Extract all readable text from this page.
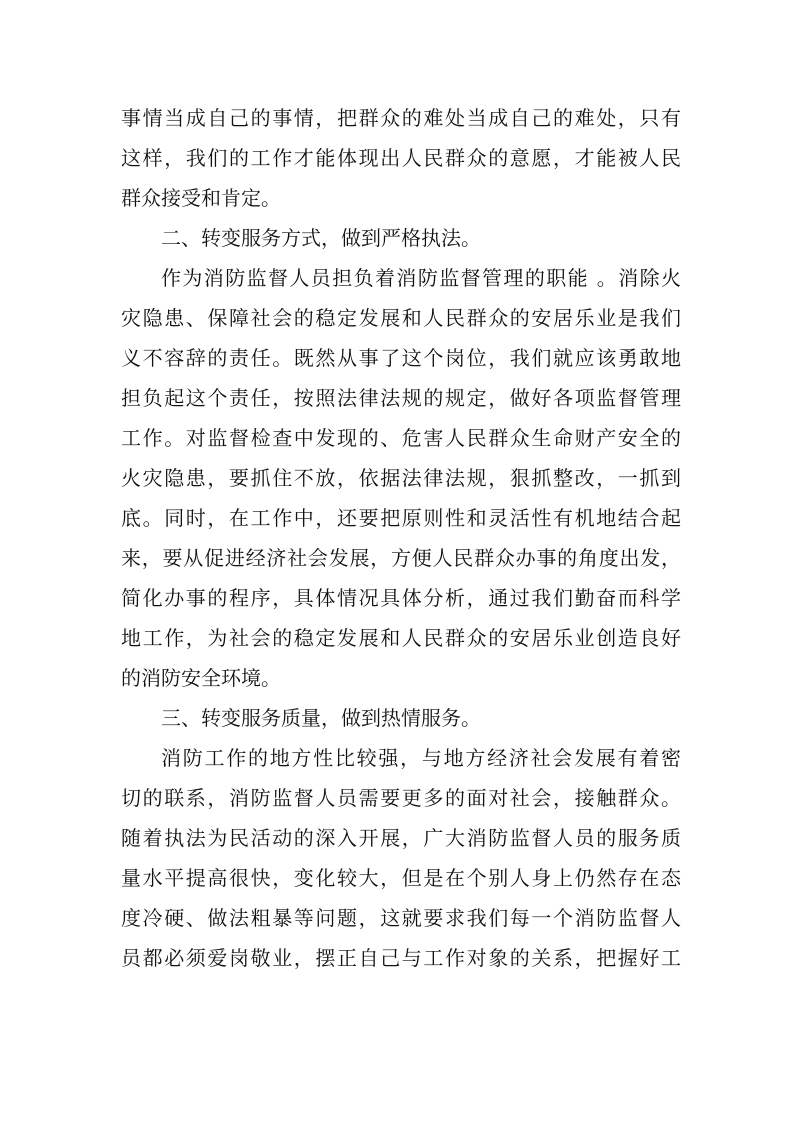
事情当成自己的事情，把群众的难处当成自己的难处，只有
这样，我们的工作才能体现出人民群众的意愿，才能被人民
群众接受和肯定。
二、转变服务方式，做到严格执法。
作为消防监督人员担负着消防监督管理的职能 。消除火
灾隐患、保障社会的稳定发展和人民群众的安居乐业是我们
义不容辞的责任。既然从事了这个岗位，我们就应该勇敢地
担负起这个责任，按照法律法规的规定，做好各项监督管理
工作。对监督检查中发现的、危害人民群众生命财产安全的
火灾隐患，要抓住不放，依据法律法规，狠抓整改，一抓到
底。同时，在工作中，还要把原则性和灵活性有机地结合起
来，要从促进经济社会发展，方便人民群众办事的角度出发，
简化办事的程序，具体情况具体分析，通过我们勤奋而科学
地工作，为社会的稳定发展和人民群众的安居乐业创造良好
的消防安全环境。
三、转变服务质量，做到热情服务。
消防工作的地方性比较强，与地方经济社会发展有着密
切的联系，消防监督人员需要更多的面对社会，接触群众。
随着执法为民活动的深入开展，广大消防监督人员的服务质
量水平提高很快，变化较大，但是在个别人身上仍然存在态
度冷硬、做法粗暴等问题，这就要求我们每一个消防监督人
员都必须爱岗敬业，摆正自己与工作对象的关系，把握好工
